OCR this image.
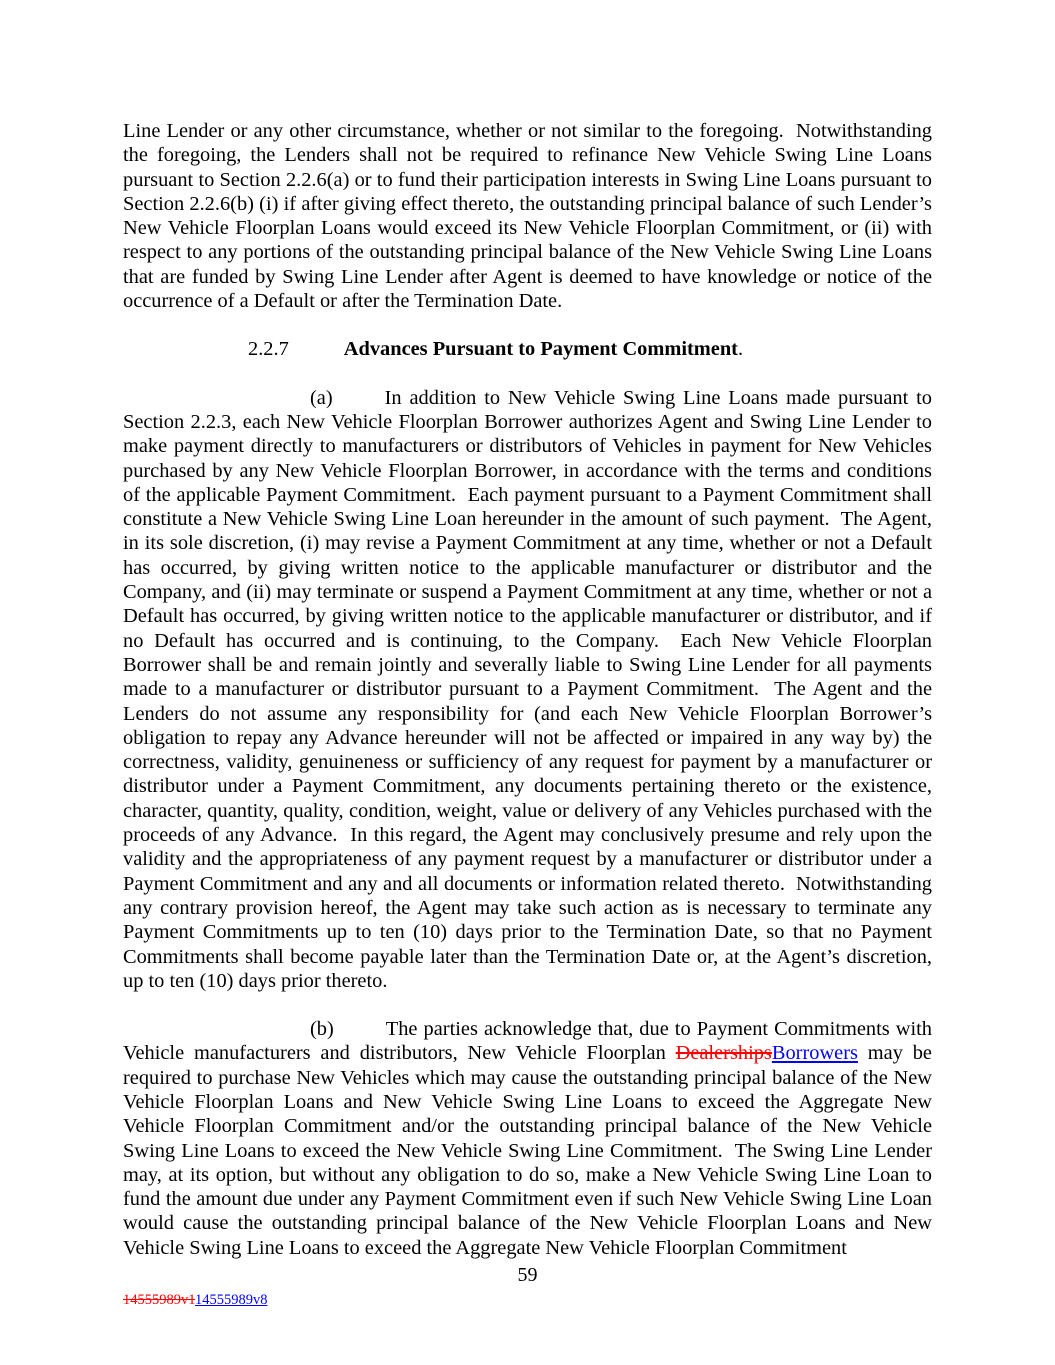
Line Lender or any other circumstance, whether or not similar to the foregoing.  Notwithstanding the foregoing, the Lenders shall not be required to refinance New Vehicle Swing Line Loans pursuant to Section 2.2.6(a) or to fund their participation interests in Swing Line Loans pursuant to Section 2.2.6(b) (i) if after giving effect thereto, the outstanding principal balance of such Lender’s New Vehicle Floorplan Loans would exceed its New Vehicle Floorplan Commitment, or (ii) with respect to any portions of the outstanding principal balance of the New Vehicle Swing Line Loans that are funded by Swing Line Lender after Agent is deemed to have knowledge or notice of the occurrence of a Default or after the Termination Date.

2.2.7	Advances Pursuant to Payment Commitment.

(a)	In addition to New Vehicle Swing Line Loans made pursuant to Section 2.2.3, each New Vehicle Floorplan Borrower authorizes Agent and Swing Line Lender to make payment directly to manufacturers or distributors of Vehicles in payment for New Vehicles purchased by any New Vehicle Floorplan Borrower, in accordance with the terms and conditions of the applicable Payment Commitment.  Each payment pursuant to a Payment Commitment shall constitute a New Vehicle Swing Line Loan hereunder in the amount of such payment.  The Agent, in its sole discretion, (i) may revise a Payment Commitment at any time, whether or not a Default has occurred, by giving written notice to the applicable manufacturer or distributor and the Company, and (ii) may terminate or suspend a Payment Commitment at any time, whether or not a Default has occurred, by giving written notice to the applicable manufacturer or distributor, and if no Default has occurred and is continuing, to the Company.  Each New Vehicle Floorplan Borrower shall be and remain jointly and severally liable to Swing Line Lender for all payments made to a manufacturer or distributor pursuant to a Payment Commitment.  The Agent and the Lenders do not assume any responsibility for (and each New Vehicle Floorplan Borrower’s obligation to repay any Advance hereunder will not be affected or impaired in any way by) the correctness, validity, genuineness or sufficiency of any request for payment by a manufacturer or distributor under a Payment Commitment, any documents pertaining thereto or the existence, character, quantity, quality, condition, weight, value or delivery of any Vehicles purchased with the proceeds of any Advance.  In this regard, the Agent may conclusively presume and rely upon the validity and the appropriateness of any payment request by a manufacturer or distributor under a Payment Commitment and any and all documents or information related thereto.  Notwithstanding any contrary provision hereof, the Agent may take such action as is necessary to terminate any Payment Commitments up to ten (10) days prior to the Termination Date, so that no Payment Commitments shall become payable later than the Termination Date or, at the Agent’s discretion, up to ten (10) days prior thereto.

(b)	The parties acknowledge that, due to Payment Commitments with Vehicle manufacturers and distributors, New Vehicle Floorplan DealershipsBorrowers may be required to purchase New Vehicles which may cause the outstanding principal balance of the New Vehicle Floorplan Loans and New Vehicle Swing Line Loans to exceed the Aggregate New Vehicle Floorplan Commitment and/or the outstanding principal balance of the New Vehicle Swing Line Loans to exceed the New Vehicle Swing Line Commitment.  The Swing Line Lender may, at its option, but without any obligation to do so, make a New Vehicle Swing Line Loan to fund the amount due under any Payment Commitment even if such New Vehicle Swing Line Loan would cause the outstanding principal balance of the New Vehicle Floorplan Loans and New Vehicle Swing Line Loans to exceed the Aggregate New Vehicle Floorplan Commitment

59
14555989v114555989v8
